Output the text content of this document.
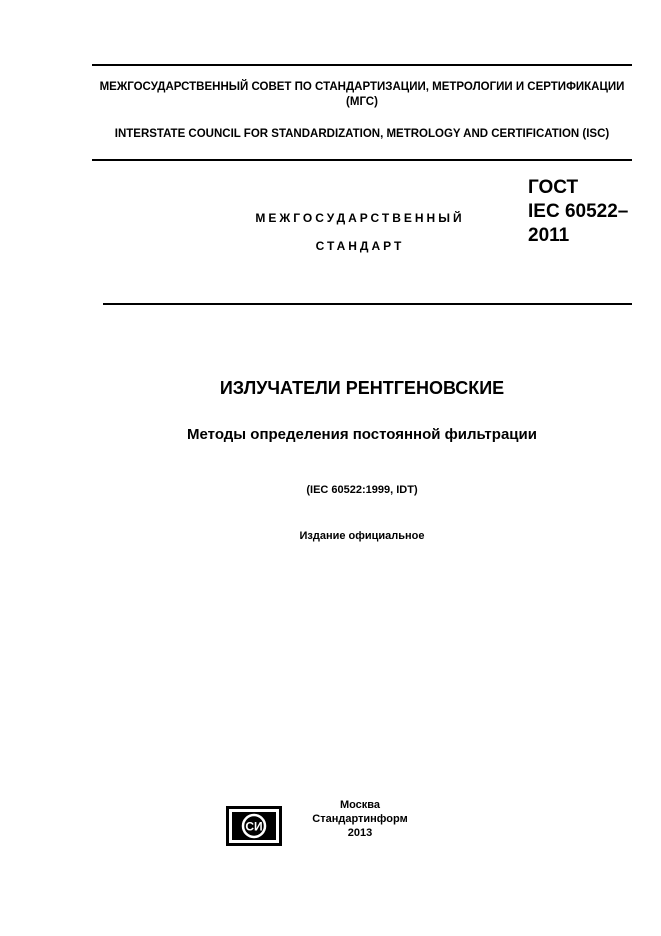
МЕЖГОСУДАРСТВЕННЫЙ СОВЕТ ПО СТАНДАРТИЗАЦИИ, МЕТРОЛОГИИ И СЕРТИФИКАЦИИ (МГС)
INTERSTATE COUNCIL FOR STANDARDIZATION, METROLOGY AND CERTIFICATION (ISC)
МЕЖГОСУДАРСТВЕННЫЙ
СТАНДАРТ
ГОСТ
IEC 60522–
2011
ИЗЛУЧАТЕЛИ РЕНТГЕНОВСКИЕ
Методы определения постоянной фильтрации
(IEC 60522:1999, IDT)
Издание официальное
СИ
Москва
Стандартинформ
2013
